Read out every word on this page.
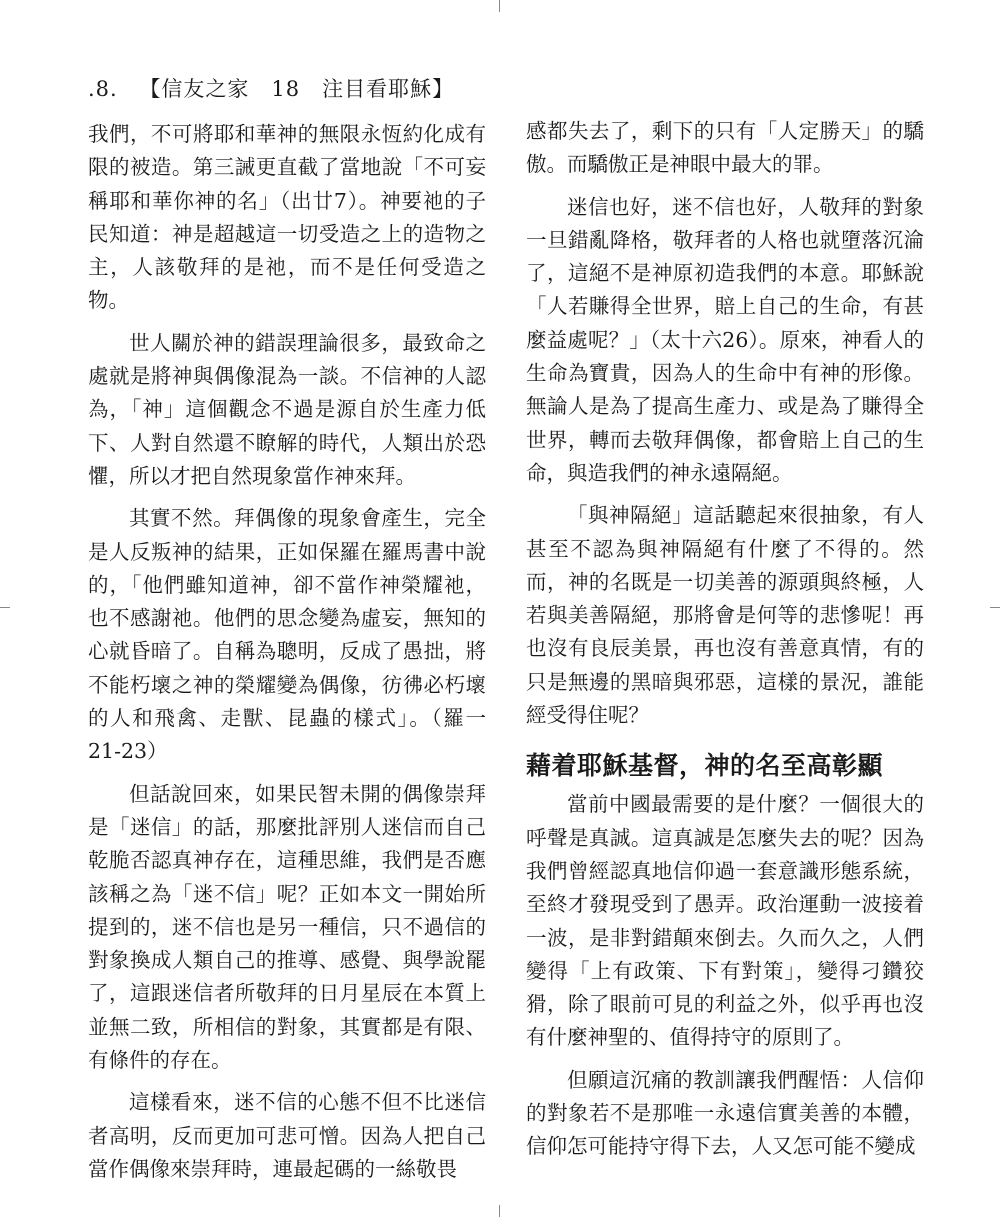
.8. 【信友之家　18　注目看耶穌】

我們，不可將耶和華神的無限永恆約化成有限的被造。第三誡更直截了當地說「不可妄稱耶和華你神的名」（出廿7）。神要祂的子民知道：神是超越這一切受造之上的造物之主，人該敬拜的是祂，而不是任何受造之物。

世人關於神的錯誤理論很多，最致命之處就是將神與偶像混為一談。不信神的人認為，「神」這個觀念不過是源自於生產力低下、人對自然還不瞭解的時代，人類出於恐懼，所以才把自然現象當作神來拜。

其實不然。拜偶像的現象會產生，完全是人反叛神的結果，正如保羅在羅馬書中說的，「他們雖知道神，卻不當作神榮耀祂，也不感謝祂。他們的思念變為虛妄，無知的心就昏暗了。自稱為聰明，反成了愚拙，將不能朽壞之神的榮耀變為偶像，彷彿必朽壞的人和飛禽、走獸、昆蟲的樣式」。（羅一21-23）

但話說回來，如果民智未開的偶像崇拜是「迷信」的話，那麼批評別人迷信而自己乾脆否認真神存在，這種思維，我們是否應該稱之為「迷不信」呢？正如本文一開始所提到的，迷不信也是另一種信，只不過信的對象換成人類自己的推導、感覺、與學說罷了，這跟迷信者所敬拜的日月星辰在本質上並無二致，所相信的對象，其實都是有限、有條件的存在。

這樣看來，迷不信的心態不但不比迷信者高明，反而更加可悲可憎。因為人把自己當作偶像來崇拜時，連最起碼的一絲敬畏

感都失去了，剩下的只有「人定勝天」的驕傲。而驕傲正是神眼中最大的罪。

迷信也好，迷不信也好，人敬拜的對象一旦錯亂降格，敬拜者的人格也就墮落沉淪了，這絕不是神原初造我們的本意。耶穌說「人若賺得全世界，賠上自己的生命，有甚麼益處呢？」（太十六26）。原來，神看人的生命為寶貴，因為人的生命中有神的形像。無論人是為了提高生產力、或是為了賺得全世界，轉而去敬拜偶像，都會賠上自己的生命，與造我們的神永遠隔絕。

「與神隔絕」這話聽起來很抽象，有人甚至不認為與神隔絕有什麼了不得的。然而，神的名既是一切美善的源頭與終極，人若與美善隔絕，那將會是何等的悲慘呢！再也沒有良辰美景，再也沒有善意真情，有的只是無邊的黑暗與邪惡，這樣的景況，誰能經受得住呢？

藉着耶穌基督，神的名至高彰顯

當前中國最需要的是什麼？一個很大的呼聲是真誠。這真誠是怎麼失去的呢？因為我們曾經認真地信仰過一套意識形態系統，至終才發現受到了愚弄。政治運動一波接着一波，是非對錯顛來倒去。久而久之，人們變得「上有政策、下有對策」，變得刁鑽狡猾，除了眼前可見的利益之外，似乎再也沒有什麼神聖的、值得持守的原則了。

但願這沉痛的教訓讓我們醒悟：人信仰的對象若不是那唯一永遠信實美善的本體，信仰怎可能持守得下去，人又怎可能不變成
